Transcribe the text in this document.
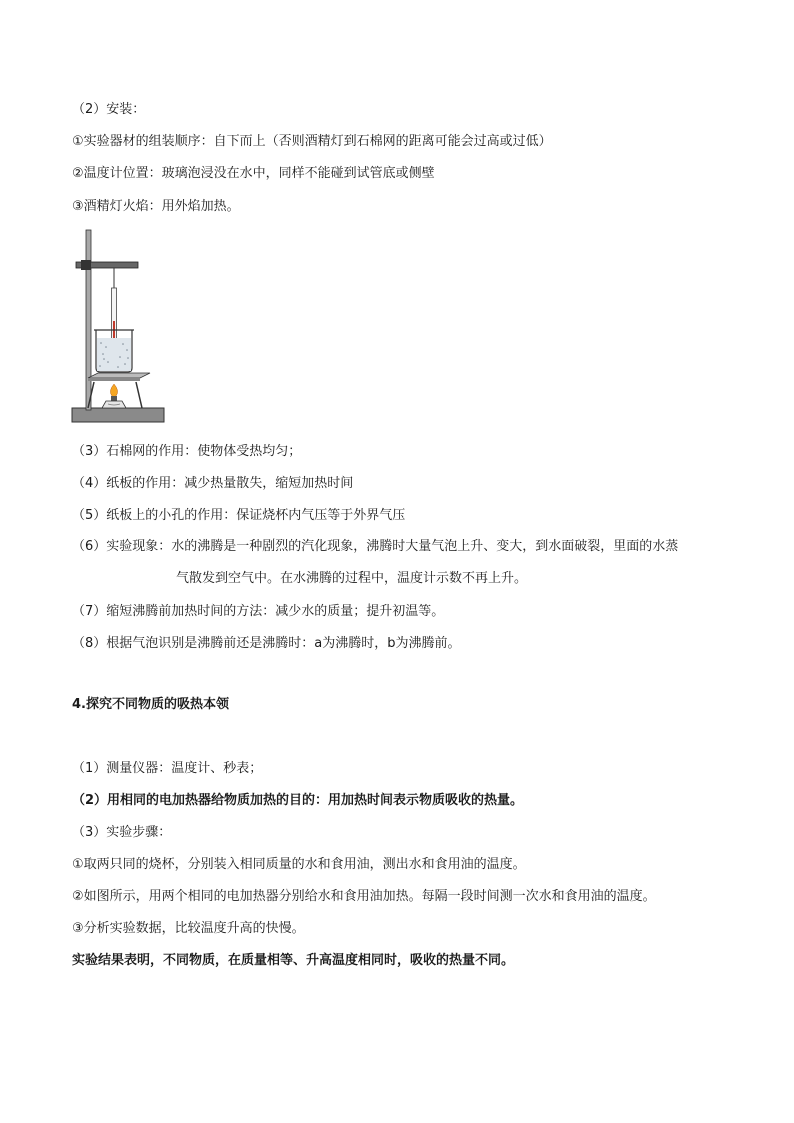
（2）安装：
①实验器材的组装顺序：自下而上（否则酒精灯到石棉网的距离可能会过高或过低）
②温度计位置：玻璃泡浸没在水中，同样不能碰到试管底或侧壁
③酒精灯火焰：用外焰加热。
（3）石棉网的作用：使物体受热均匀；
（4）纸板的作用：减少热量散失，缩短加热时间
（5）纸板上的小孔的作用：保证烧杯内气压等于外界气压
（6）实验现象：水的沸腾是一种剧烈的汽化现象，沸腾时大量气泡上升、变大，到水面破裂，里面的水蒸
气散发到空气中。在水沸腾的过程中，温度计示数不再上升。
（7）缩短沸腾前加热时间的方法：减少水的质量；提升初温等。
（8）根据气泡识别是沸腾前还是沸腾时：a为沸腾时，b为沸腾前。
4.探究不同物质的吸热本领
（1）测量仪器：温度计、秒表；
（2）用相同的电加热器给物质加热的目的：用加热时间表示物质吸收的热量。
（3）实验步骤：
①取两只同的烧杯，分别装入相同质量的水和食用油，测出水和食用油的温度。
②如图所示，用两个相同的电加热器分别给水和食用油加热。每隔一段时间测一次水和食用油的温度。
③分析实验数据，比较温度升高的快慢。
实验结果表明，不同物质，在质量相等、升高温度相同时，吸收的热量不同。
